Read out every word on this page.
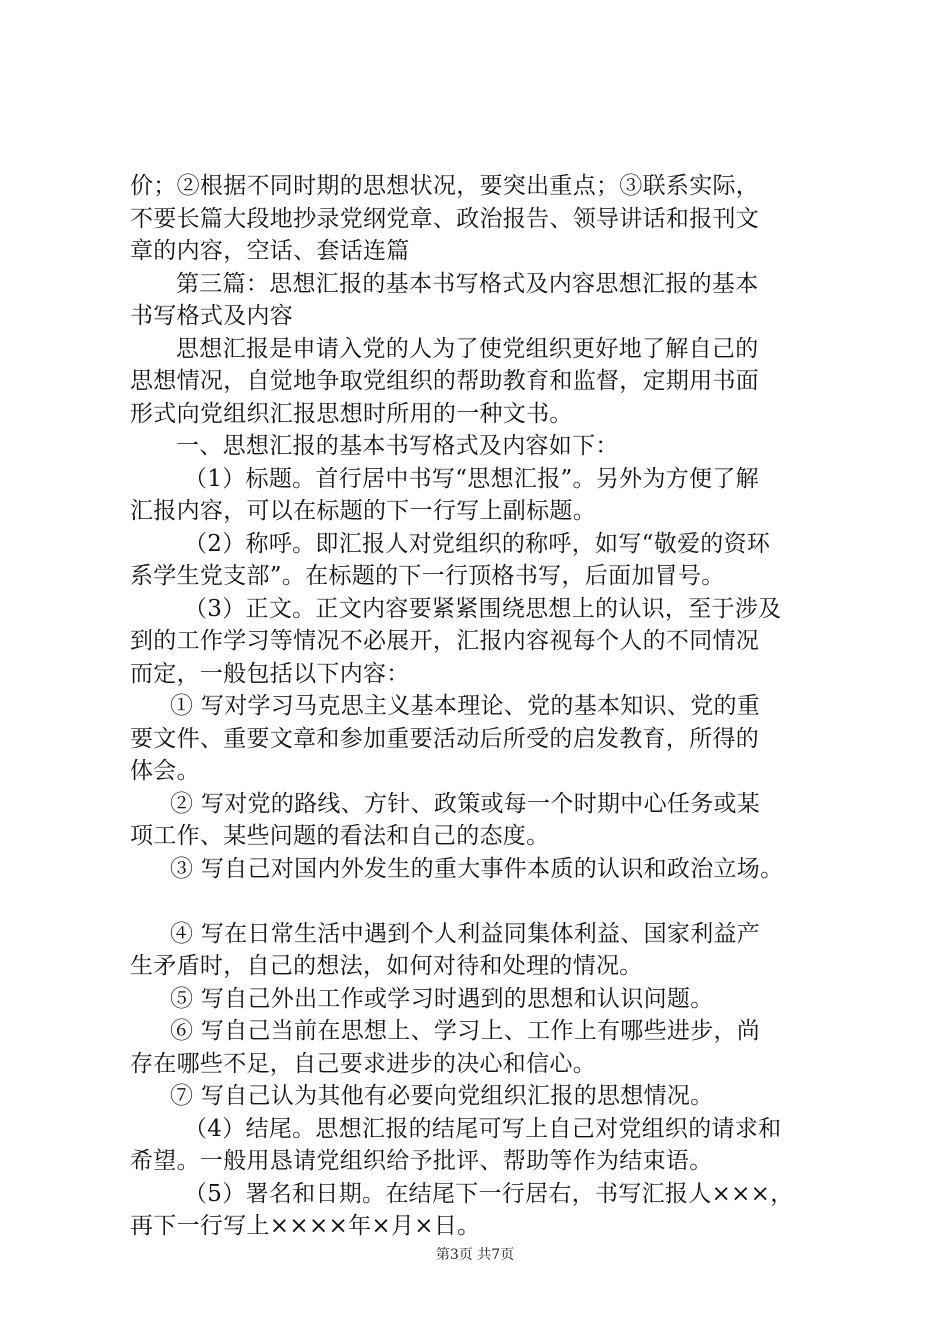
价；②根据不同时期的思想状况，要突出重点；③联系实际，
不要长篇大段地抄录党纲党章、政治报告、领导讲话和报刊文
章的内容，空话、套话连篇
第三篇：思想汇报的基本书写格式及内容思想汇报的基本
书写格式及内容
思想汇报是申请入党的人为了使党组织更好地了解自己的
思想情况，自觉地争取党组织的帮助教育和监督，定期用书面
形式向党组织汇报思想时所用的一种文书。
一、思想汇报的基本书写格式及内容如下：
（1）标题。首行居中书写“思想汇报”。另外为方便了解
汇报内容，可以在标题的下一行写上副标题。
（2）称呼。即汇报人对党组织的称呼，如写“敬爱的资环
系学生党支部”。在标题的下一行顶格书写，后面加冒号。
（3）正文。正文内容要紧紧围绕思想上的认识，至于涉及
到的工作学习等情况不必展开，汇报内容视每个人的不同情况
而定，一般包括以下内容：
① 写对学习马克思主义基本理论、党的基本知识、党的重
要文件、重要文章和参加重要活动后所受的启发教育，所得的
体会。
② 写对党的路线、方针、政策或每一个时期中心任务或某
项工作、某些问题的看法和自己的态度。
③ 写自己对国内外发生的重大事件本质的认识和政治立场。
④ 写在日常生活中遇到个人利益同集体利益、国家利益产
生矛盾时，自己的想法，如何对待和处理的情况。
⑤ 写自己外出工作或学习时遇到的思想和认识问题。
⑥ 写自己当前在思想上、学习上、工作上有哪些进步，尚
存在哪些不足，自己要求进步的决心和信心。
⑦ 写自己认为其他有必要向党组织汇报的思想情况。
（4）结尾。思想汇报的结尾可写上自己对党组织的请求和
希望。一般用恳请党组织给予批评、帮助等作为结束语。
（5）署名和日期。在结尾下一行居右，书写汇报人×××，
再下一行写上××××年×月×日。
第3页 共7页
